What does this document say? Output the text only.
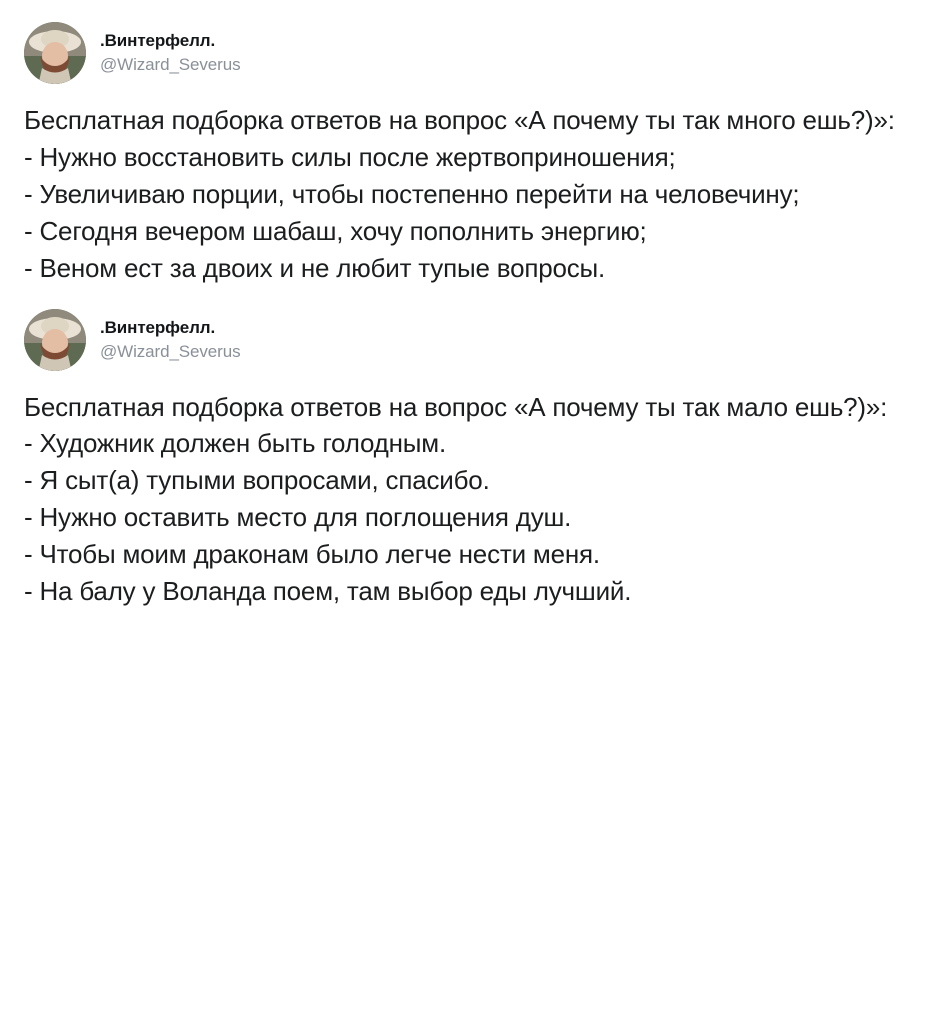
.Винтерфелл.
@Wizard_Severus

Бесплатная подборка ответов на вопрос «А почему ты так много ешь?)»:

- Нужно восстановить силы после жертвоприношения;

- Увеличиваю порции, чтобы постепенно перейти на человечину;

- Сегодня вечером шабаш, хочу пополнить энергию;

- Веном ест за двоих и не любит тупые вопросы.

.Винтерфелл.
@Wizard_Severus

Бесплатная подборка ответов на вопрос «А почему ты так мало ешь?)»:

- Художник должен быть голодным.

- Я сыт(а) тупыми вопросами, спасибо.

- Нужно оставить место для поглощения душ.

- Чтобы моим драконам было легче нести меня.

- На балу у Воланда поем, там выбор еды лучший.
